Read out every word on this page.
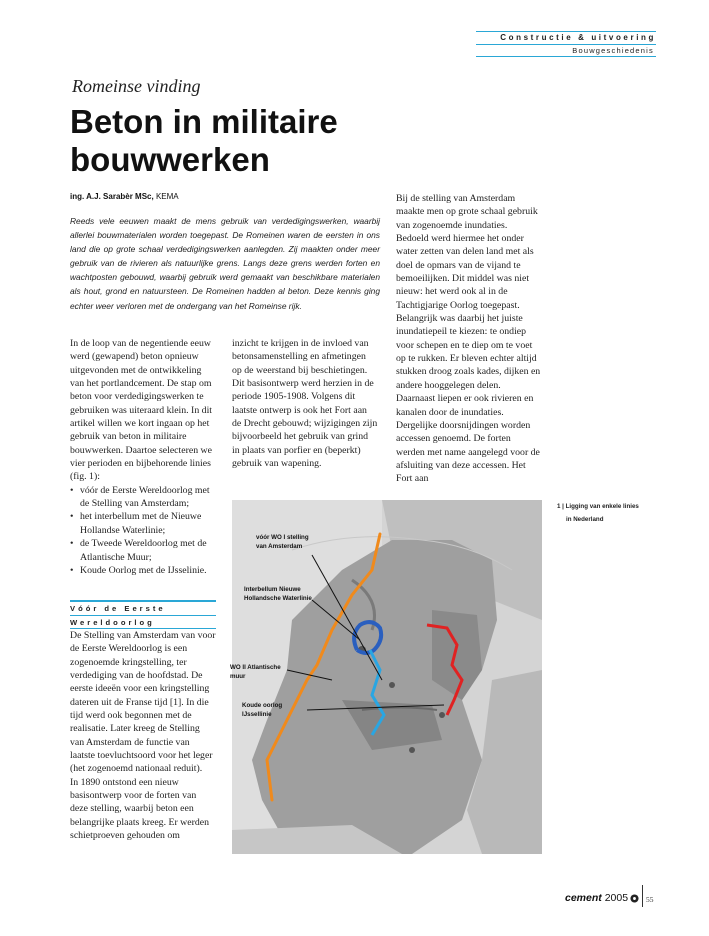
Constructie & uitvoering
Bouwgeschiedenis
Romeinse vinding
Beton in militaire bouwwerken
ing. A.J. Sarabèr MSc, KEMA
Reeds vele eeuwen maakt de mens gebruik van verdedigingswerken, waarbij allerlei bouwmaterialen worden toegepast. De Romeinen waren de eersten in ons land die op grote schaal verdedigingswerken aanlegden. Zij maakten onder meer gebruik van de rivieren als natuurlijke grens. Langs deze grens werden forten en wachtposten gebouwd, waarbij gebruik werd gemaakt van beschikbare materialen als hout, grond en natuursteen. De Romeinen hadden al beton. Deze kennis ging echter weer verloren met de ondergang van het Romeinse rijk.

In de loop van de negentiende eeuw werd (gewapend) beton opnieuw uitgevonden met de ontwikkeling van het portlandcement. De stap om beton voor verdedigingswerken te gebruiken was uiteraard klein. In dit artikel willen we kort ingaan op het gebruik van beton in militaire bouwwerken. Daartoe selecteren we vier perioden en bijbehorende linies (fig. 1):

• vóór de Eerste Wereldoorlog met de Stelling van Amsterdam;
• het interbellum met de Nieuwe Hollandse Waterlinie;
• de Tweede Wereldoorlog met de Atlantische Muur;
• Koude Oorlog met de IJsselinie.
Vóór de Eerste
Wereldoorlog

De Stelling van Amsterdam van voor de Eerste Wereldoorlog is een zogenoemde kringstelling, ter verdediging van de hoofdstad. De eerste ideeën voor een kringstelling dateren uit de Franse tijd [1]. In die tijd werd ook begonnen met de realisatie. Later kreeg de Stelling van Amsterdam de functie van laatste toevluchtsoord voor het leger (het zogenoemd nationaal reduit).

In 1890 ontstond een nieuw basisontwerp voor de forten van deze stelling, waarbij beton een belangrijke plaats kreeg. Er werden schietproeven gehouden om

inzicht te krijgen in de invloed van betonsamenstelling en afmetingen op de weerstand bij beschietingen. Dit basisontwerp werd herzien in de periode 1905-1908. Volgens dit laatste ontwerp is ook het Fort aan de Drecht gebouwd; wijzigingen zijn bijvoorbeeld het gebruik van grind in plaats van porfier en (beperkt) gebruik van wapening.

Bij de stelling van Amsterdam maakte men op grote schaal gebruik van zogenoemde inundaties. Bedoeld werd hiermee het onder water zetten van delen land met als doel de opmars van de vijand te bemoeilijken. Dit middel was niet nieuw: het werd ook al in de Tachtigjarige Oorlog toegepast. Belangrijk was daarbij het juiste inundatiepeil te kiezen: te ondiep voor schepen en te diep om te voet op te rukken. Er bleven echter altijd stukken droog zoals kades, dijken en andere hooggelegen delen. Daarnaast liepen er ook rivieren en kanalen door de inundaties. Dergelijke doorsnijdingen worden accessen genoemd. De forten werden met name aangelegd voor de afsluiting van deze accessen. Het Fort aan

1 | Ligging van enkele linies
in Nederland
vóór WO I stelling
van Amsterdam
Interbellum Nieuwe
Hollandsche Waterlinie
WO II Atlantische
muur
Koude oorlog
IJssellinie
cement 2005 55
